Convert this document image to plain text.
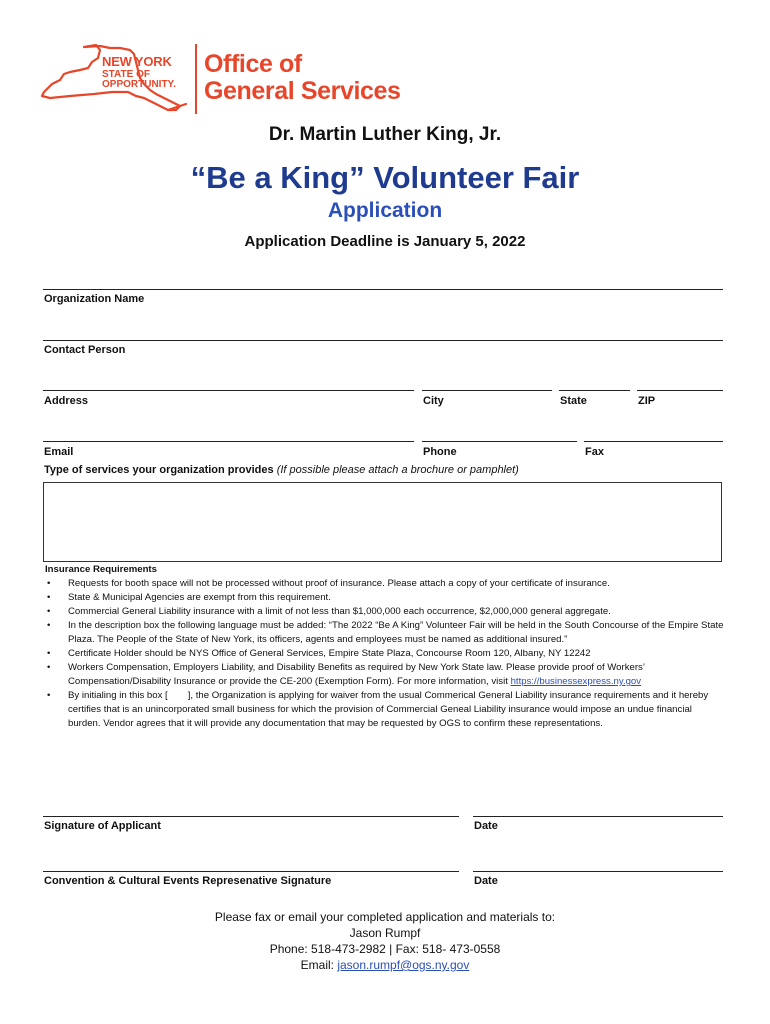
NEW YORK
STATE OF
OPPORTUNITY.
Office of
General Services
Dr. Martin Luther King, Jr.
“Be a King” Volunteer Fair
Application
Application Deadline is January 5, 2022
Organization Name
Contact Person
Address	City	State	ZIP
Email	Phone	Fax
Type of services your organization provides (If possible please attach a brochure or pamphlet)
Insurance Requirements
• Requests for booth space will not be processed without proof of insurance. Please attach a copy of your certificate of insurance.
• State & Municipal Agencies are exempt from this requirement.
• Commercial General Liability insurance with a limit of not less than $1,000,000 each occurrence, $2,000,000 general aggregate.
• In the description box the following language must be added: “The 2022 “Be A King” Volunteer Fair will be held in the South Concourse of the Empire State Plaza. The People of the State of New York, its officers, agents and employees must be named as additional insured.”
• Certificate Holder should be NYS Office of General Services, Empire State Plaza, Concourse Room 120, Albany, NY 12242
• Workers Compensation, Employers Liability, and Disability Benefits as required by New York State law. Please provide proof of Workers’ Compensation/Disability Insurance or provide the CE-200 (Exemption Form). For more information, visit https://businessexpress.ny.gov
• By initialing in this box [ ], the Organization is applying for waiver from the usual Commerical General Liability insurance requirements and it hereby certifies that is an unincorporated small business for which the provision of Commercial Geneal Liability insurance would impose an undue financial burden. Vendor agrees that it will provide any documentation that may be requested by OGS to confirm these representations.
Signature of Applicant	Date
Convention & Cultural Events Represenative Signature	Date
Please fax or email your completed application and materials to:
Jason Rumpf
Phone: 518-473-2982 | Fax: 518- 473-0558
Email: jason.rumpf@ogs.ny.gov
